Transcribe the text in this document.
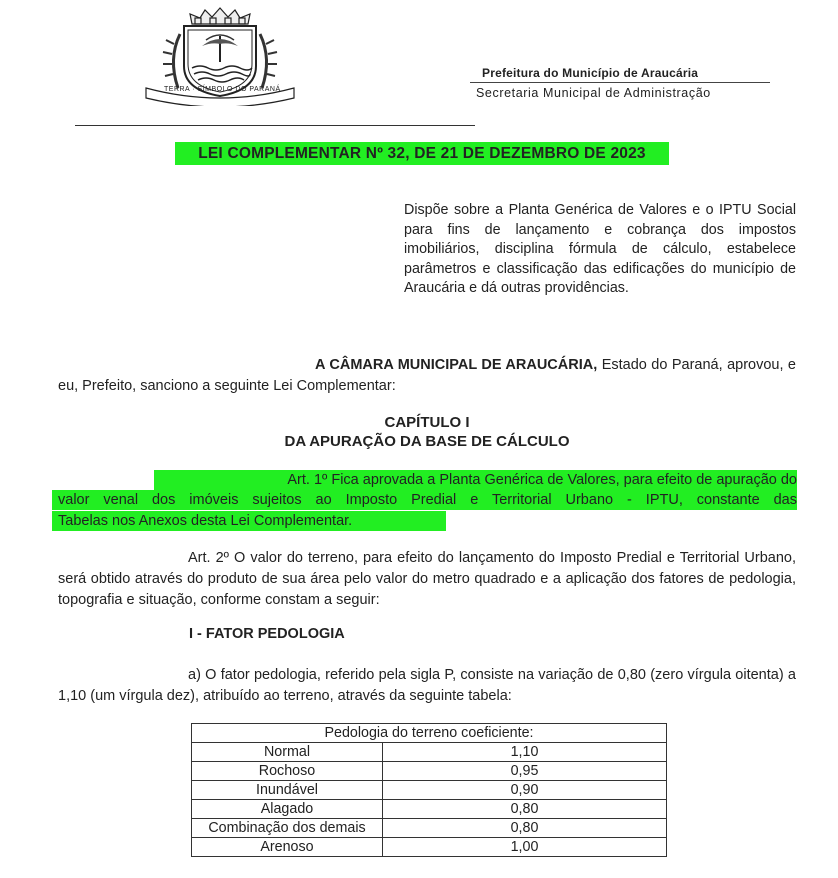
TERRA · SÍMBOLO DO PARANÁ
Prefeitura do Município de Araucária
Secretaria Municipal de Administração
LEI COMPLEMENTAR Nº 32, DE 21 DE DEZEMBRO DE 2023
Dispõe sobre a Planta Genérica de Valores e o IPTU Social para fins de lançamento e cobrança dos impostos imobiliários, disciplina fórmula de cálculo, estabelece parâmetros e classificação das edificações do município de Araucária e dá outras providências.
A CÂMARA MUNICIPAL DE ARAUCÁRIA, Estado do Paraná, aprovou, e eu, Prefeito, sanciono a seguinte Lei Complementar:
CAPÍTULO I
DA APURAÇÃO DA BASE DE CÁLCULO
Art. 1º Fica aprovada a Planta Genérica de Valores, para efeito de apuração do
valor venal dos imóveis sujeitos ao Imposto Predial e Territorial Urbano - IPTU, constante das
Tabelas nos Anexos desta Lei Complementar.
Art. 2º O valor do terreno, para efeito do lançamento do Imposto Predial e Territorial Urbano, será obtido através do produto de sua área pelo valor do metro quadrado e a aplicação dos fatores de pedologia, topografia e situação, conforme constam a seguir:
I - FATOR PEDOLOGIA
a) O fator pedologia, referido pela sigla P, consiste na variação de 0,80 (zero vírgula oitenta) a 1,10 (um vírgula dez), atribuído ao terreno, através da seguinte tabela:
Pedologia do terreno coeficiente:	
Normal	1,10
Rochoso	0,95
Inundável	0,90
Alagado	0,80
Combinação dos demais	0,80
Arenoso	1,00
